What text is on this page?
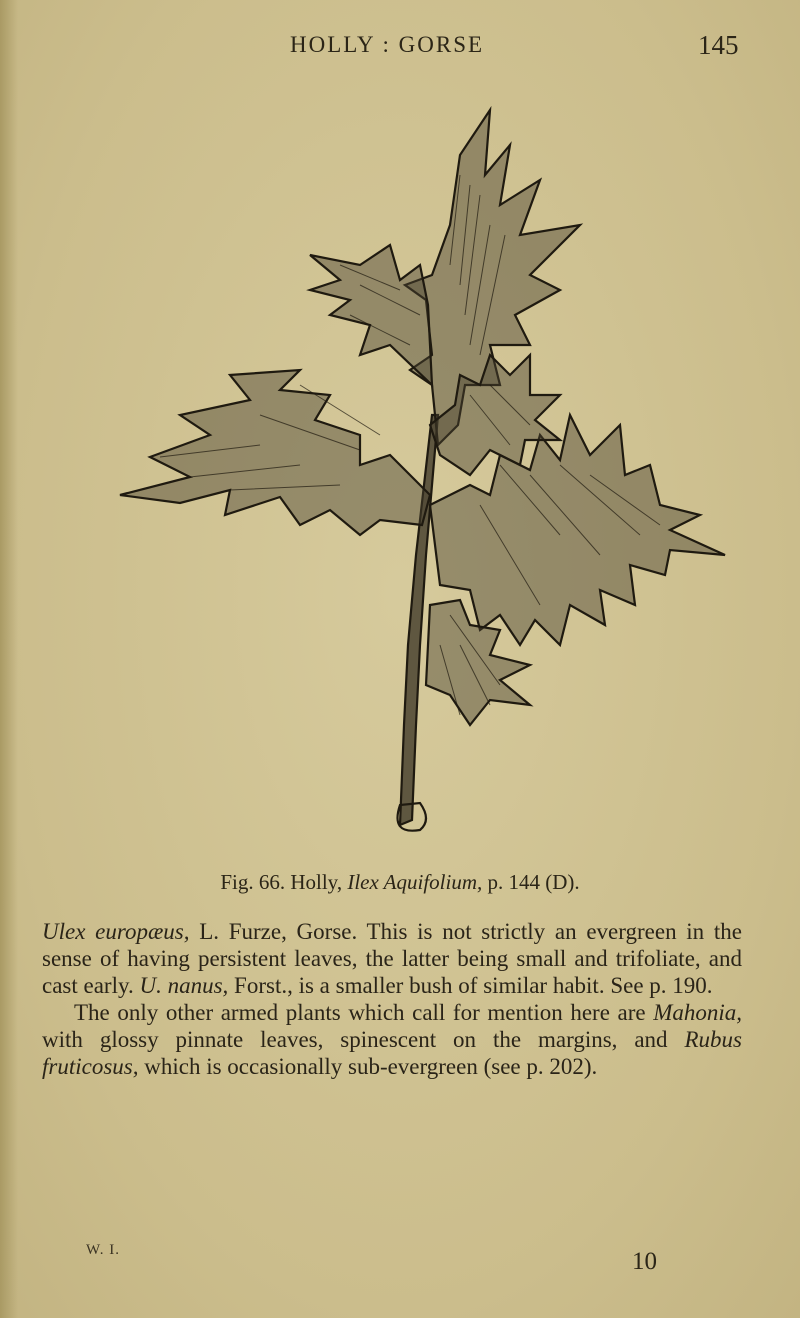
HOLLY : GORSE	145
Fig. 66. Holly, Ilex Aquifolium, p. 144 (D).

Ulex europæus, L. Furze, Gorse. This is not strictly an evergreen in the sense of having persistent leaves, the latter being small and trifoliate, and cast early. U. nanus, Forst., is a smaller bush of similar habit. See p. 190.

The only other armed plants which call for mention here are Mahonia, with glossy pinnate leaves, spinescent on the margins, and Rubus fruticosus, which is occasionally sub-evergreen (see p. 202).

W. I.	10
